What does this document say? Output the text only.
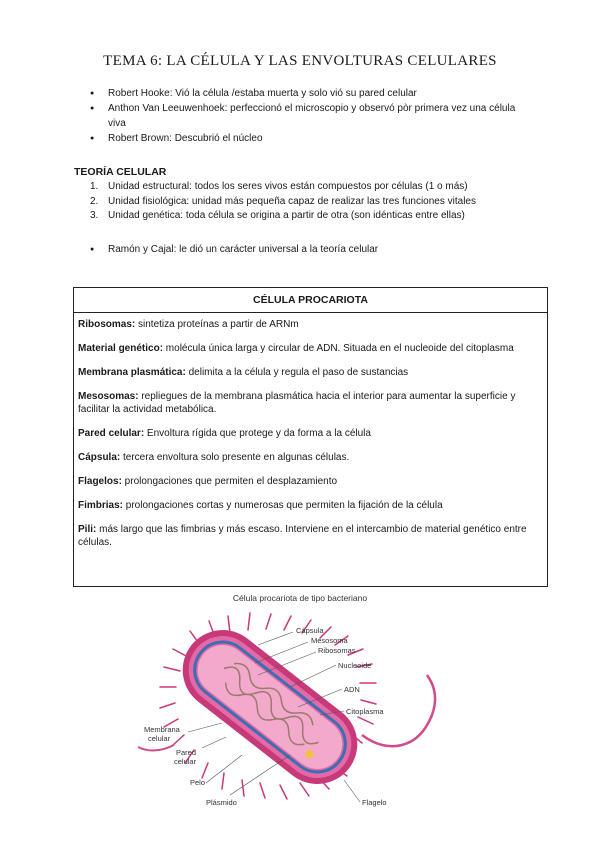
TEMA 6: LA CÉLULA Y LAS ENVOLTURAS CELULARES
● Robert Hooke: Vió la célula /estaba muerta y solo vió su pared celular
● Anthon Van Leeuwenhoek: perfeccionó el microscopio y observó pòr primera vez una célula viva
● Robert Brown: Descubrió el núcleo
TEORÍA CELULAR
1. Unidad estructural: todos los seres vivos están compuestos por células (1 o más)
2. Unidad fisiológica: unidad más pequeña capaz de realizar las tres funciones vitales
3. Unidad genética: toda célula se origina a partir de otra (son idénticas entre ellas)
● Ramón y Cajal: le dió un carácter universal a la teoría celular
CÉLULA PROCARIOTA
Ribosomas: sintetiza proteínas a partir de ARNm
Material genético: molécula única larga y circular de ADN. Situada en el nucleoide del citoplasma
Membrana plasmática: delimita a la célula y regula el paso de sustancias
Mesosomas: repliegues de la membrana plasmática hacia el interior para aumentar la superficie y facilitar la actividad metabólica.
Pared celular: Envoltura rígida que protege y da forma a la célula
Cápsula: tercera envoltura solo presente en algunas células.
Flagelos: prolongaciones que permiten el desplazamiento
Fimbrias: prolongaciones cortas y numerosas que permiten la fijación de la célula
Pili: más largo que las fimbrias y más escaso. Interviene en el intercambio de material genético entre células.
Célula procariota de tipo bacteriano
Cápsula
Mesosoma
Ribosomas
Nucleoide
ADN
Citoplasma
Membrana
celular
Pared
celular
Pelo
Plásmido	Flagelo
